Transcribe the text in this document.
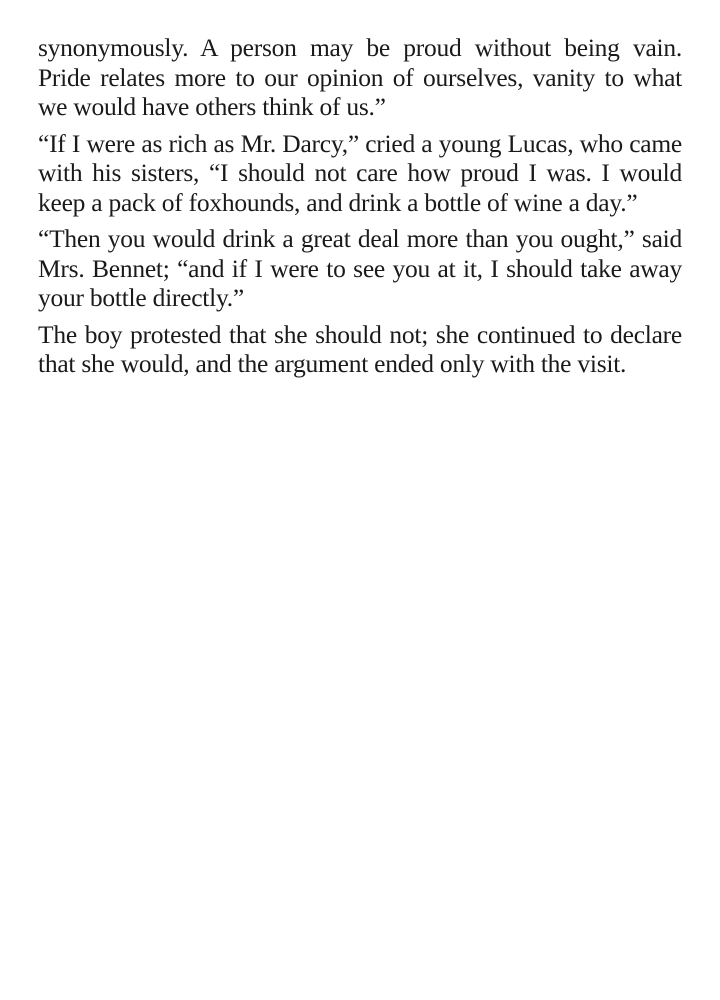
synonymously. A person may be proud without being vain. Pride relates more to our opinion of ourselves, vanity to what we would have others think of us.”

“If I were as rich as Mr. Darcy,” cried a young Lucas, who came with his sisters, “I should not care how proud I was. I would keep a pack of foxhounds, and drink a bottle of wine a day.”

“Then you would drink a great deal more than you ought,” said Mrs. Bennet; “and if I were to see you at it, I should take away your bottle directly.”

The boy protested that she should not; she continued to declare that she would, and the argument ended only with the visit.
